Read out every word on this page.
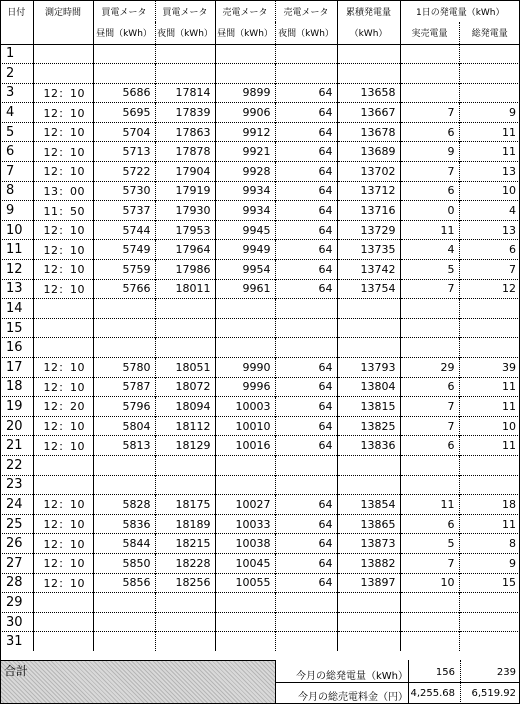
日付	測定時間	買電メータ	買電メータ	売電メータ	売電メータ	累積発電量	1日の発電量（kWh）	
		昼間（kWh）	夜間（kWh）	昼間（kWh）	夜間（kWh）	（kWh）	実売電量	総発電量
1								
2								
3	12：10	5686	17814	9899	64	13658		
4	12：10	5695	17839	9906	64	13667	7	9
5	12：10	5704	17863	9912	64	13678	6	11
6	12：10	5713	17878	9921	64	13689	9	11
7	12：10	5722	17904	9928	64	13702	7	13
8	13：00	5730	17919	9934	64	13712	6	10
9	11：50	5737	17930	9934	64	13716	0	4
10	12：10	5744	17953	9945	64	13729	11	13
11	12：10	5749	17964	9949	64	13735	4	6
12	12：10	5759	17986	9954	64	13742	5	7
13	12：10	5766	18011	9961	64	13754	7	12
14								
15								
16								
17	12：10	5780	18051	9990	64	13793	29	39
18	12：10	5787	18072	9996	64	13804	6	11
19	12：20	5796	18094	10003	64	13815	7	11
20	12：10	5804	18112	10010	64	13825	7	10
21	12：10	5813	18129	10016	64	13836	6	11
22								
23								
24	12：10	5828	18175	10027	64	13854	11	18
25	12：10	5836	18189	10033	64	13865	6	11
26	12：10	5844	18215	10038	64	13873	5	8
27	12：10	5850	18228	10045	64	13882	7	9
28	12：10	5856	18256	10055	64	13897	10	15
29								
30								
31								
合計	今月の総発電量（kWh）	156	239
今月の総売電料金（円） 4,255.68	6,519.92
